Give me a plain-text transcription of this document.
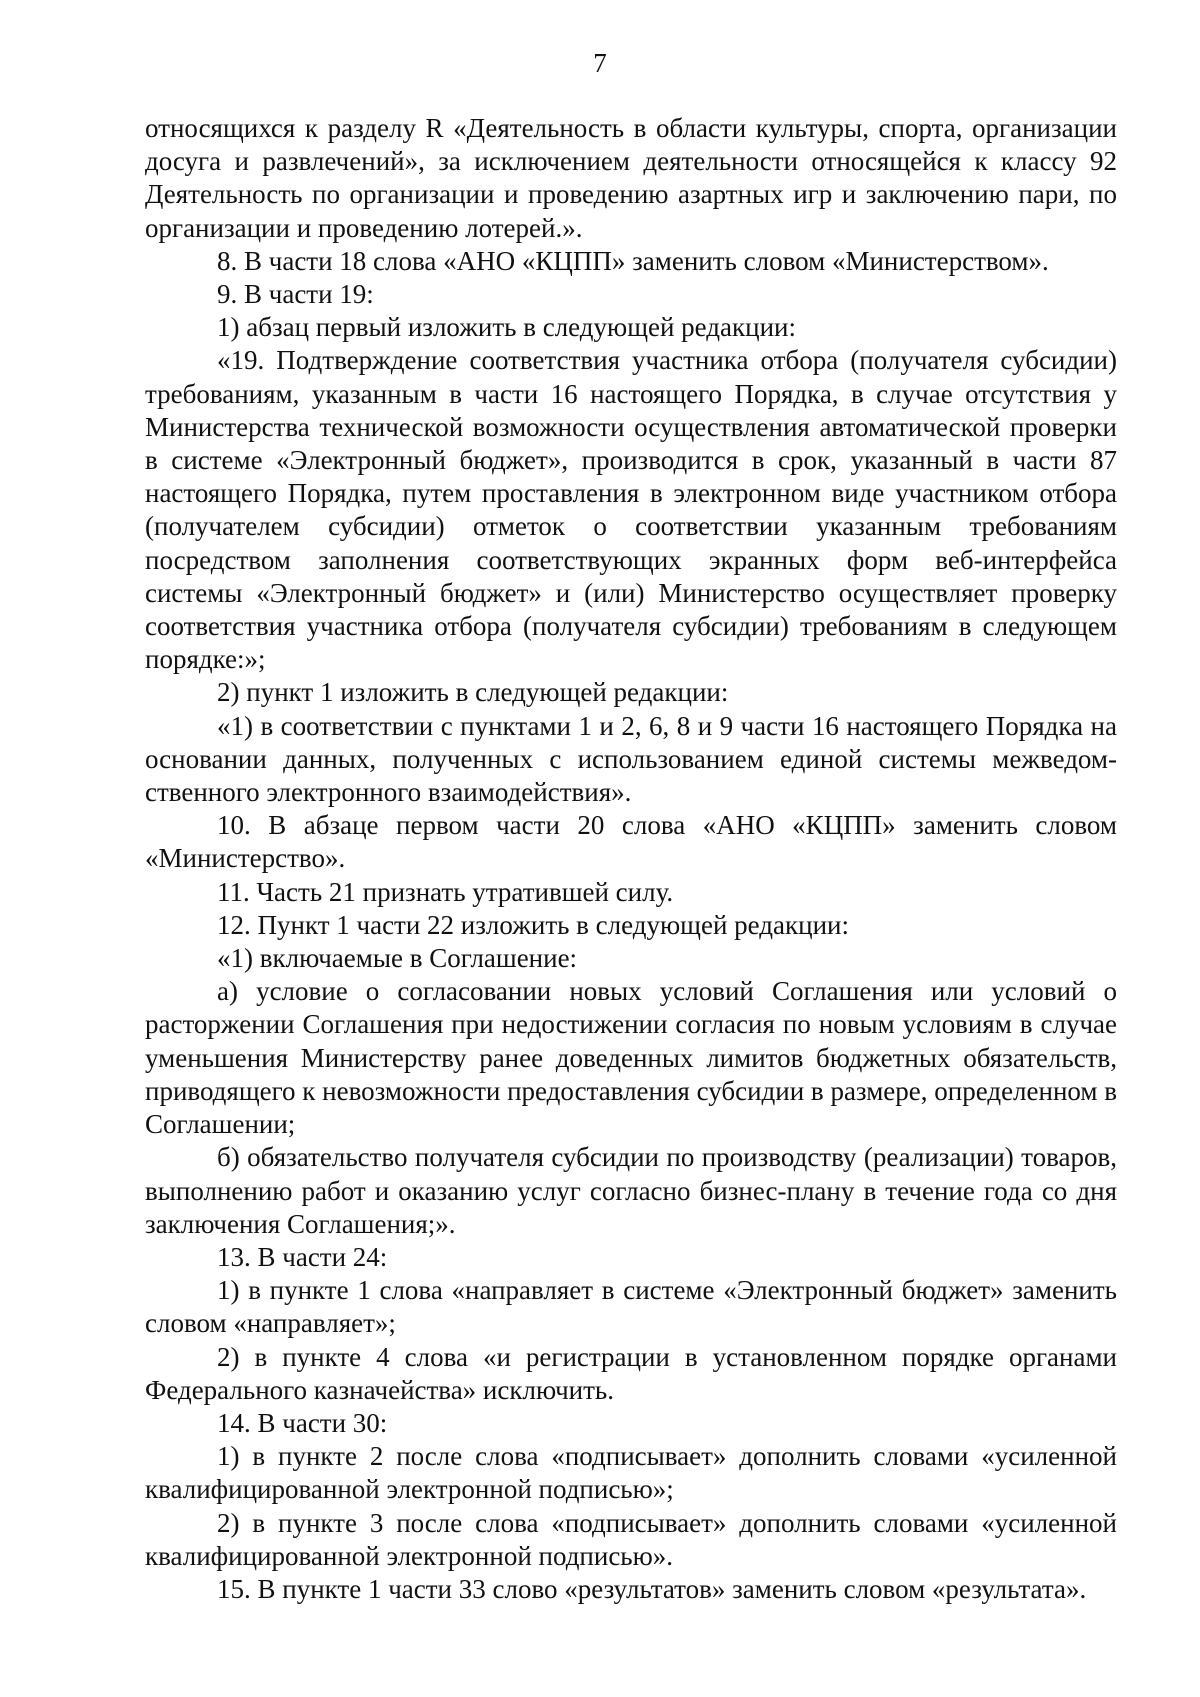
7

относящихся к разделу R «Деятельность в области культуры, спорта, организации досуга и развлечений», за исключением деятельности относящейся к классу 92 Деятельность по организации и проведению азартных игр и заключению пари, по организации и проведению лотерей.».

8. В части 18 слова «АНО «КЦПП» заменить словом «Министерством».

9. В части 19:

1) абзац первый изложить в следующей редакции:

«19. Подтверждение соответствия участника отбора (получателя субсидии) требованиям, указанным в части 16 настоящего Порядка, в случае отсутствия у Министерства технической возможности осуществления автоматической проверки в системе «Электронный бюджет», производится в срок, указанный в части 87 настоящего Порядка, путем проставления в электронном виде участником отбора (получателем субсидии) отметок о соответствии указанным требованиям посредством заполнения соответствующих экранных форм веб-интерфейса системы «Электронный бюджет» и (или) Министерство осуществляет проверку соответствия участника отбора (получателя субсидии) требованиям в следующем порядке:»;

2) пункт 1 изложить в следующей редакции:

«1) в соответствии с пунктами 1 и 2, 6, 8 и 9 части 16 настоящего Порядка на основании данных, полученных с использованием единой системы межведом-ственного электронного взаимодействия».

10. В абзаце первом части 20 слова «АНО «КЦПП» заменить словом «Министерство».

11. Часть 21 признать утратившей силу.

12. Пункт 1 части 22 изложить в следующей редакции:

«1) включаемые в Соглашение:

а) условие о согласовании новых условий Соглашения или условий о расторжении Соглашения при недостижении согласия по новым условиям в случае уменьшения Министерству ранее доведенных лимитов бюджетных обязательств, приводящего к невозможности предоставления субсидии в размере, определенном в Соглашении;

б) обязательство получателя субсидии по производству (реализации) товаров, выполнению работ и оказанию услуг согласно бизнес-плану в течение года со дня заключения Соглашения;».

13. В части 24:

1) в пункте 1 слова «направляет в системе «Электронный бюджет» заменить словом «направляет»;

2) в пункте 4 слова «и регистрации в установленном порядке органами Федерального казначейства» исключить.

14. В части 30:

1) в пункте 2 после слова «подписывает» дополнить словами «усиленной квалифицированной электронной подписью»;

2) в пункте 3 после слова «подписывает» дополнить словами «усиленной квалифицированной электронной подписью».

15. В пункте 1 части 33 слово «результатов» заменить словом «результата».
